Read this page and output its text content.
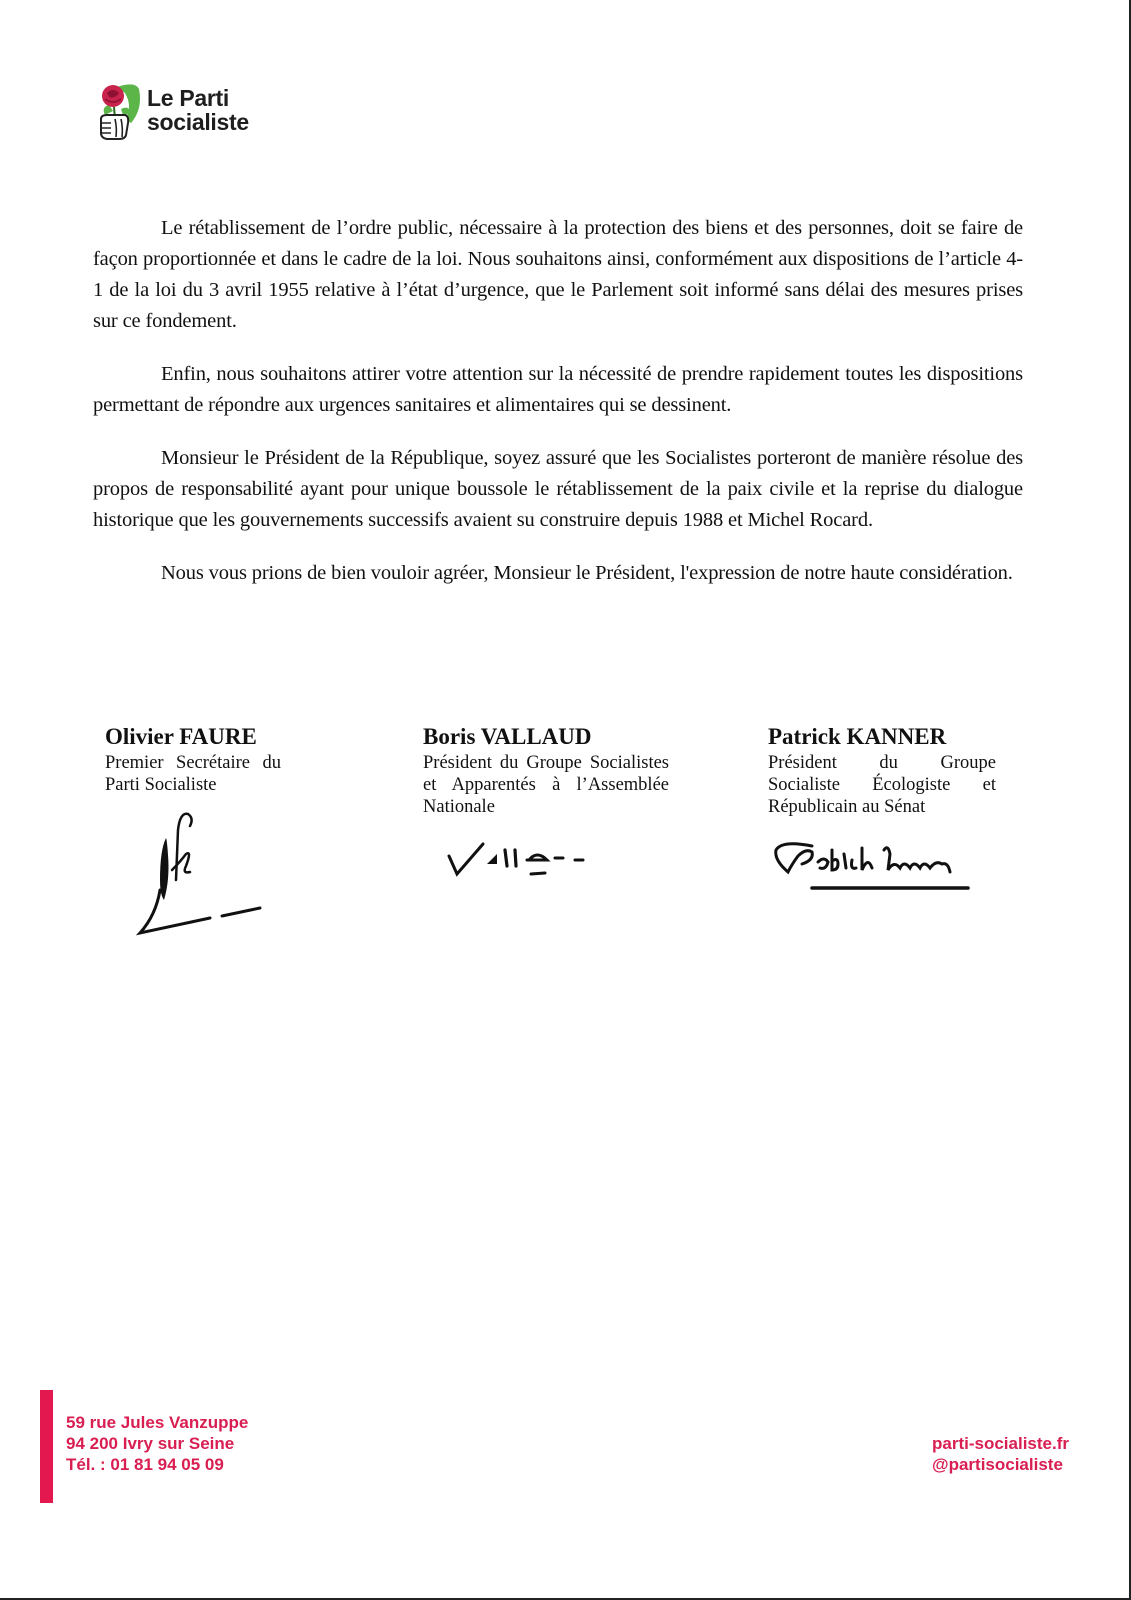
Le Parti
socialiste

Le rétablissement de l’ordre public, nécessaire à la protection des biens et des personnes, doit se faire de façon proportionnée et dans le cadre de la loi. Nous souhaitons ainsi, conformément aux dispositions de l’article 4-1 de la loi du 3 avril 1955 relative à l’état d’urgence, que le Parlement soit informé sans délai des mesures prises sur ce fondement.

Enfin, nous souhaitons attirer votre attention sur la nécessité de prendre rapidement toutes les dispositions permettant de répondre aux urgences sanitaires et alimentaires qui se dessinent.

Monsieur le Président de la République, soyez assuré que les Socialistes porteront de manière résolue des propos de responsabilité ayant pour unique boussole le rétablissement de la paix civile et la reprise du dialogue historique que les gouvernements successifs avaient su construire depuis 1988 et Michel Rocard.

Nous vous prions de bien vouloir agréer, Monsieur le Président, l'expression de notre haute considération.

Olivier FAURE
Premier Secrétaire du Parti Socialiste
Boris VALLAUD
Président du Groupe Socialistes et Apparentés à l’Assemblée Nationale
Patrick KANNER
Président du Groupe Socialiste Écologiste et Républicain au Sénat
59 rue Jules Vanzuppe
94 200 Ivry sur Seine
Tél. : 01 81 94 05 09
parti-socialiste.fr
@partisocialiste
